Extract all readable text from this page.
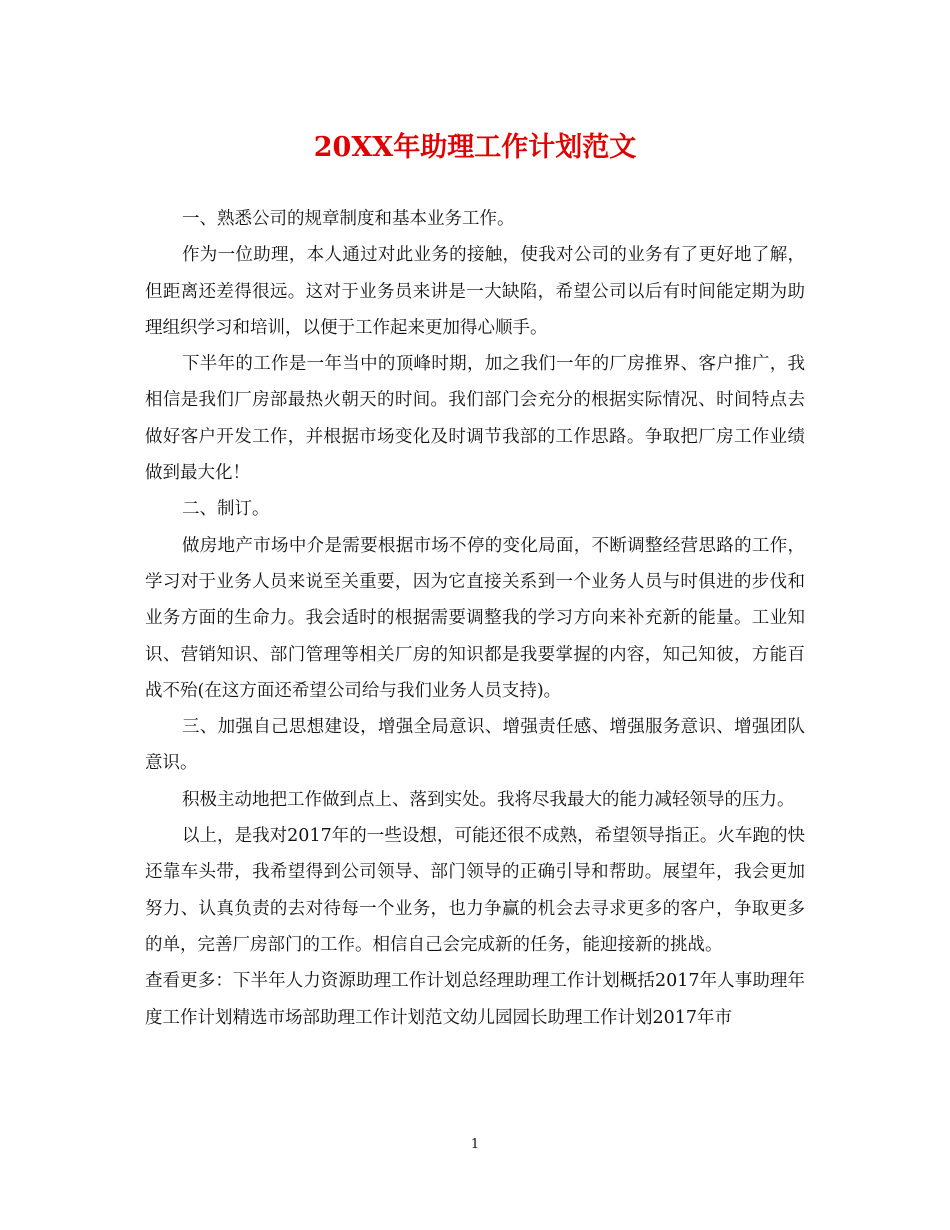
20XX年助理工作计划范文

一、熟悉公司的规章制度和基本业务工作。

作为一位助理，本人通过对此业务的接触，使我对公司的业务有了更好地了解，但距离还差得很远。这对于业务员来讲是一大缺陷，希望公司以后有时间能定期为助理组织学习和培训，以便于工作起来更加得心顺手。

下半年的工作是一年当中的顶峰时期，加之我们一年的厂房推界、客户推广，我相信是我们厂房部最热火朝天的时间。我们部门会充分的根据实际情况、时间特点去做好客户开发工作，并根据市场变化及时调节我部的工作思路。争取把厂房工作业绩做到最大化！

二、制订。

做房地产市场中介是需要根据市场不停的变化局面，不断调整经营思路的工作，学习对于业务人员来说至关重要，因为它直接关系到一个业务人员与时俱进的步伐和业务方面的生命力。我会适时的根据需要调整我的学习方向来补充新的能量。工业知识、营销知识、部门管理等相关厂房的知识都是我要掌握的内容，知己知彼，方能百战不殆(在这方面还希望公司给与我们业务人员支持)。

三、加强自己思想建设，增强全局意识、增强责任感、增强服务意识、增强团队意识。

积极主动地把工作做到点上、落到实处。我将尽我最大的能力减轻领导的压力。

以上，是我对2017年的一些设想，可能还很不成熟，希望领导指正。火车跑的快还靠车头带，我希望得到公司领导、部门领导的正确引导和帮助。展望年，我会更加努力、认真负责的去对待每一个业务，也力争赢的机会去寻求更多的客户，争取更多的单，完善厂房部门的工作。相信自己会完成新的任务，能迎接新的挑战。

查看更多：下半年人力资源助理工作计划总经理助理工作计划概括2017年人事助理年度工作计划精选市场部助理工作计划范文幼儿园园长助理工作计划2017年市

1
